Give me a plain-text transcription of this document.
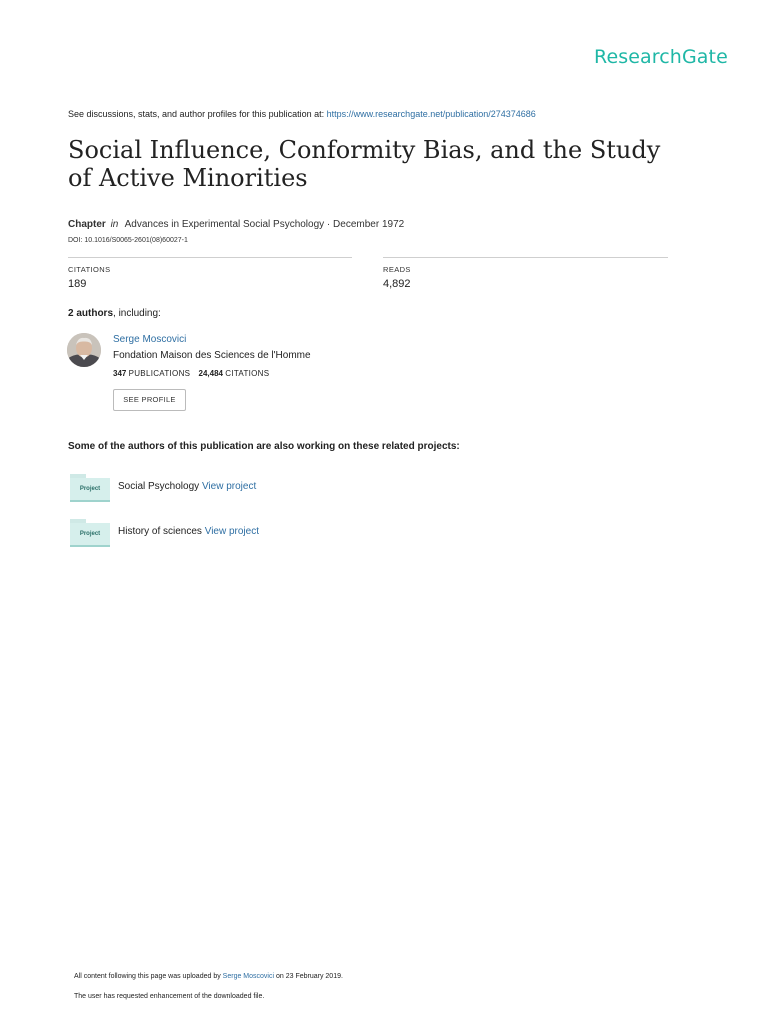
ResearchGate
See discussions, stats, and author profiles for this publication at: https://www.researchgate.net/publication/274374686
Social Influence, Conformity Bias, and the Study of Active Minorities
Chapter in Advances in Experimental Social Psychology · December 1972
DOI: 10.1016/S0065-2601(08)60027-1
CITATIONS
189
READS
4,892
2 authors, including:
Serge Moscovici
Fondation Maison des Sciences de l'Homme
347 PUBLICATIONS 24,484 CITATIONS
SEE PROFILE
Some of the authors of this publication are also working on these related projects:
Project	Social Psychology View project
Project	History of sciences View project
All content following this page was uploaded by Serge Moscovici on 23 February 2019.
The user has requested enhancement of the downloaded file.
